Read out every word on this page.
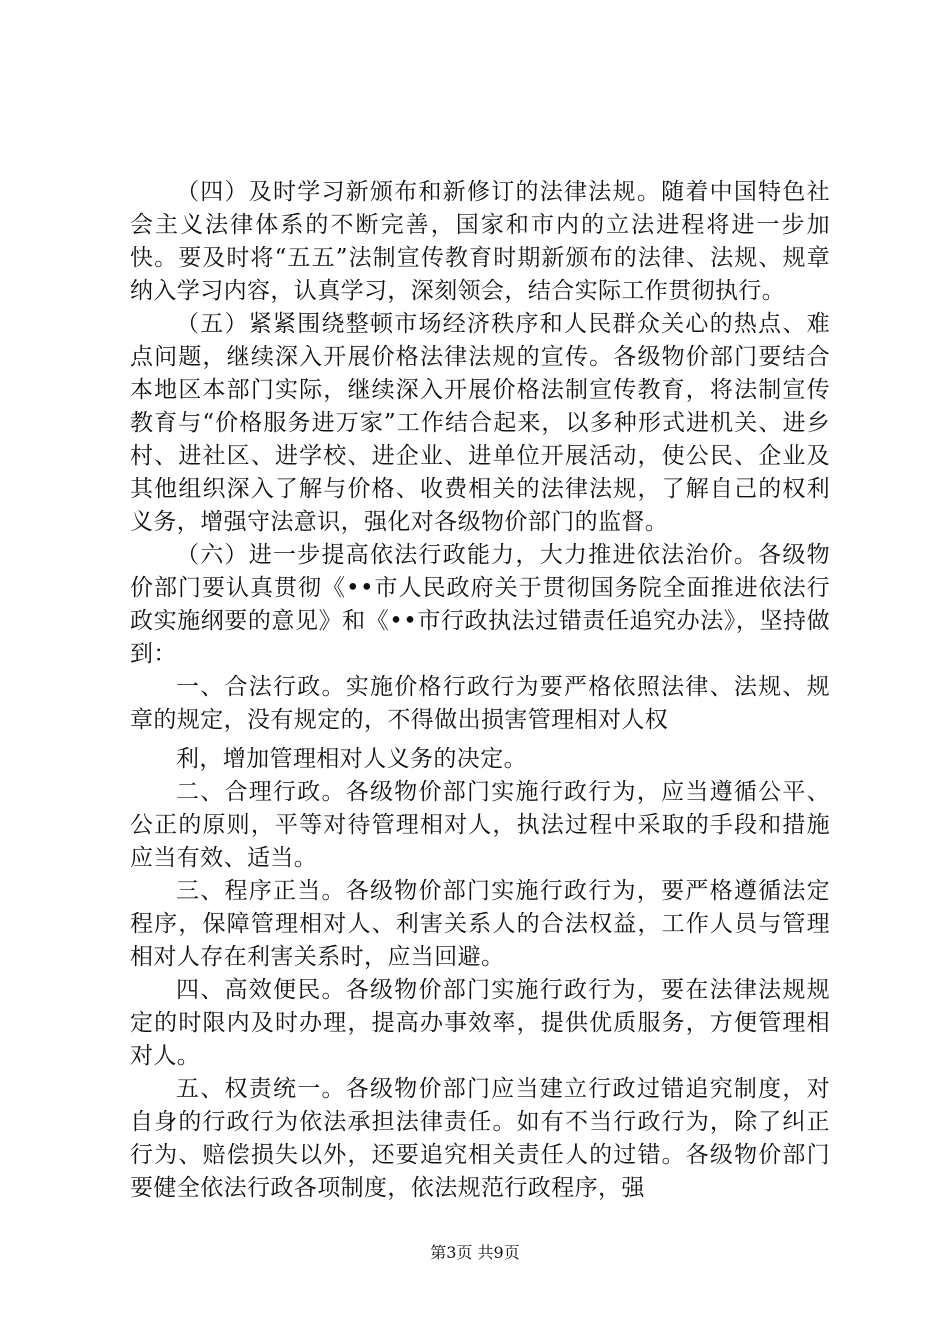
（四）及时学习新颁布和新修订的法律法规。随着中国特色社会主义法律体系的不断完善，国家和市内的立法进程将进一步加快。要及时将“五五”法制宣传教育时期新颁布的法律、法规、规章纳入学习内容，认真学习，深刻领会，结合实际工作贯彻执行。

（五）紧紧围绕整顿市场经济秩序和人民群众关心的热点、难点问题，继续深入开展价格法律法规的宣传。各级物价部门要结合本地区本部门实际，继续深入开展价格法制宣传教育，将法制宣传教育与“价格服务进万家”工作结合起来，以多种形式进机关、进乡村、进社区、进学校、进企业、进单位开展活动，使公民、企业及其他组织深入了解与价格、收费相关的法律法规，了解自己的权利义务，增强守法意识，强化对各级物价部门的监督。

（六）进一步提高依法行政能力，大力推进依法治价。各级物价部门要认真贯彻《••市人民政府关于贯彻国务院全面推进依法行政实施纲要的意见》和《••市行政执法过错责任追究办法》，坚持做到：

一、合法行政。实施价格行政行为要严格依照法律、法规、规章的规定，没有规定的，不得做出损害管理相对人权

利，增加管理相对人义务的决定。

二、合理行政。各级物价部门实施行政行为，应当遵循公平、公正的原则，平等对待管理相对人，执法过程中采取的手段和措施应当有效、适当。

三、程序正当。各级物价部门实施行政行为，要严格遵循法定程序，保障管理相对人、利害关系人的合法权益，工作人员与管理相对人存在利害关系时，应当回避。

四、高效便民。各级物价部门实施行政行为，要在法律法规规定的时限内及时办理，提高办事效率，提供优质服务，方便管理相对人。

五、权责统一。各级物价部门应当建立行政过错追究制度，对自身的行政行为依法承担法律责任。如有不当行政行为，除了纠正行为、赔偿损失以外，还要追究相关责任人的过错。各级物价部门要健全依法行政各项制度，依法规范行政程序，强

第3页 共9页
